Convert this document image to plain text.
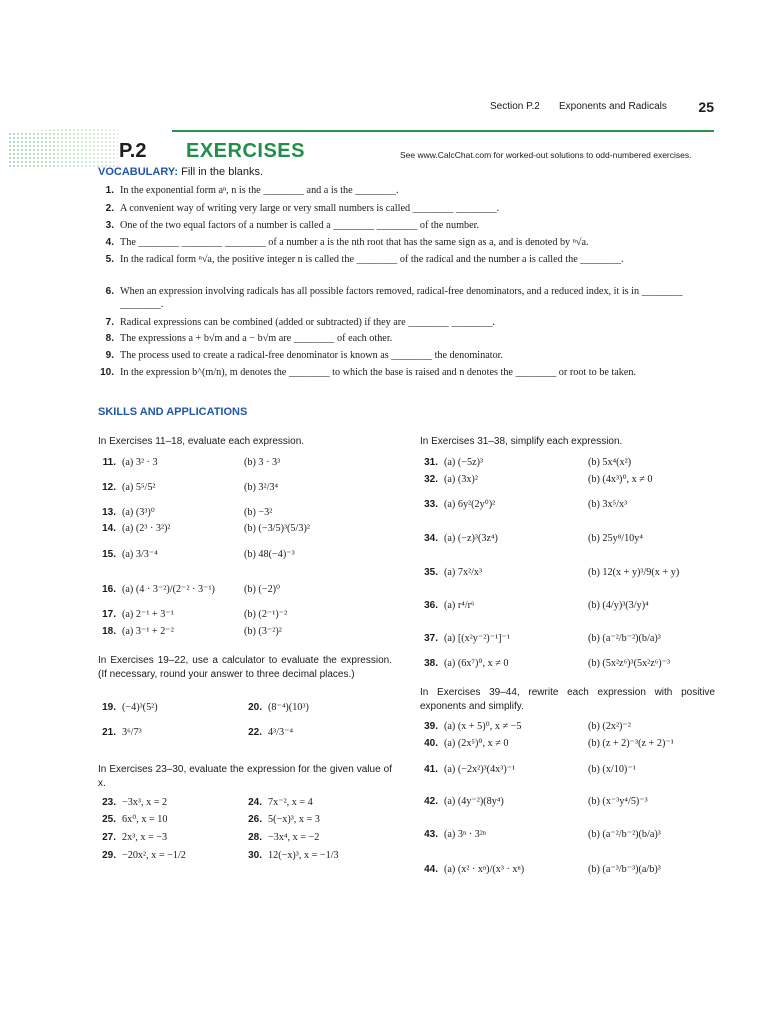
Section P.2 Exponents and Radicals 25
P.2 EXERCISES	See www.CalcChat.com for worked-out solutions to odd-numbered exercises.
VOCABULARY: Fill in the blanks.
1. In the exponential form aⁿ, n is the ________ and a is the ________.
2. A convenient way of writing very large or very small numbers is called ________ ________.
3. One of the two equal factors of a number is called a ________ ________ of the number.
4. The ________ ________ ________ of a number a is the nth root that has the same sign as a, and is denoted by ⁿ√a.
5. In the radical form ⁿ√a, the positive integer n is called the ________ of the radical and the number a is called the ________.
6. When an expression involving radicals has all possible factors removed, radical-free denominators, and a reduced index, it is in ________ ________.
7. Radical expressions can be combined (added or subtracted) if they are ________ ________.
8. The expressions a + b√m and a − b√m are ________ of each other.
9. The process used to create a radical-free denominator is known as ________ the denominator.
10. In the expression b^(m/n), m denotes the ________ to which the base is raised and n denotes the ________ or root to be taken.
SKILLS AND APPLICATIONS
In Exercises 11–18, evaluate each expression.
11. (a) 3² · 3	(b) 3 · 3³
12. (a) 5⁵/5²	(b) 3²/3⁴
13. (a) (3³)⁰	(b) −3²
14. (a) (2³ · 3²)²	(b) (−3/5)³(5/3)²
15. (a) 3/3⁻⁴	(b) 48(−4)⁻³
16. (a) (4 · 3⁻²)/(2⁻² · 3⁻¹)	(b) (−2)⁰
17. (a) 2⁻¹ + 3⁻¹	(b) (2⁻¹)⁻²
18. (a) 3⁻¹ + 2⁻²	(b) (3⁻²)²
In Exercises 19–22, use a calculator to evaluate the expression. (If necessary, round your answer to three decimal places.)
19. (−4)³(5²)	20. (8⁻⁴)(10³)
21. 3⁶/7³	22. 4³/3⁻⁴
In Exercises 23–30, evaluate the expression for the given value of x.
23. −3x³, x = 2	24. 7x⁻², x = 4
25. 6x⁰, x = 10	26. 5(−x)³, x = 3
27. 2x³, x = −3	28. −3x⁴, x = −2
29. −20x², x = −1/2	30. 12(−x)³, x = −1/3
In Exercises 31–38, simplify each expression.
31. (a) (−5z)³	(b) 5x⁴(x²)
32. (a) (3x)²	(b) (4x³)⁰, x ≠ 0
33. (a) 6y²(2y⁰)²	(b) 3x⁵/x³
34. (a) (−z)³(3z⁴)	(b) 25y⁸/10y⁴
35. (a) 7x²/x³	(b) 12(x + y)³/9(x + y)
36. (a) r⁴/r⁶	(b) (4/y)³(3/y)⁴
37. (a) [(x²y⁻²)⁻¹]⁻¹	(b) (a⁻²/b⁻²)(b/a)³
38. (a) (6x⁷)⁰, x ≠ 0	(b) (5x²z⁶)³(5x²z⁶)⁻³
In Exercises 39–44, rewrite each expression with positive exponents and simplify.
39. (a) (x + 5)⁰, x ≠ −5	(b) (2x²)⁻²
40. (a) (2x⁵)⁰, x ≠ 0	(b) (z + 2)⁻³(z + 2)⁻¹
41. (a) (−2x²)³(4x³)⁻¹	(b) (x/10)⁻¹
42. (a) (4y⁻²)(8y⁴)	(b) (x⁻³y⁴/5)⁻³
43. (a) 3ⁿ · 3²ⁿ	(b) (a⁻²/b⁻²)(b/a)³
44. (a) (x² · xⁿ)/(x³ · xⁿ)	(b) (a⁻³/b⁻³)(a/b)³
